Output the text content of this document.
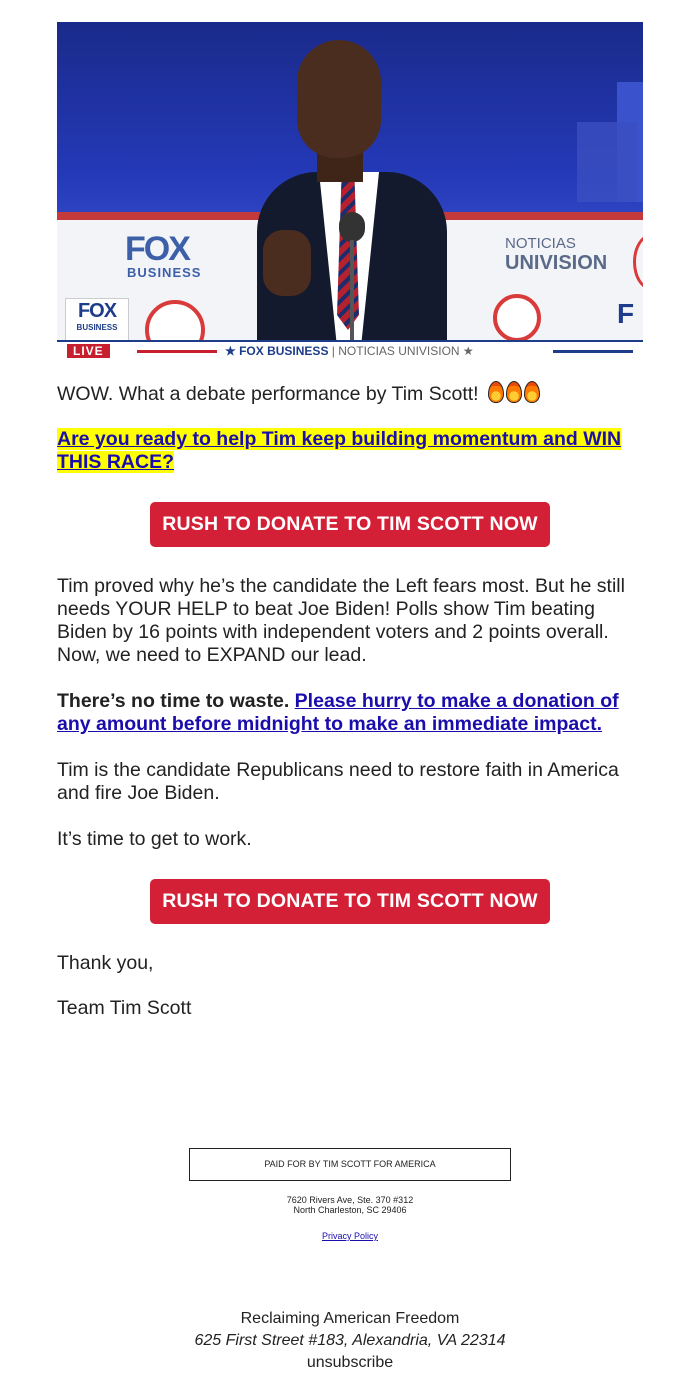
FOX
BUSINESS
NOTICIAS
UNIVISION
F
FOX
BUSINESS
LIVE	★ FOX BUSINESS | NOTICIAS UNIVISION ★
WOW. What a debate performance by Tim Scott!
Are you ready to help Tim keep building momentum and WIN THIS RACE?
RUSH TO DONATE TO TIM SCOTT NOW
Tim proved why he’s the candidate the Left fears most. But he still needs YOUR HELP to beat Joe Biden! Polls show Tim beating Biden by 16 points with independent voters and 2 points overall. Now, we need to EXPAND our lead.
There’s no time to waste. Please hurry to make a donation of any amount before midnight to make an immediate impact.
Tim is the candidate Republicans need to restore faith in America and fire Joe Biden.
It’s time to get to work.
RUSH TO DONATE TO TIM SCOTT NOW
Thank you,
Team Tim Scott
PAID FOR BY TIM SCOTT FOR AMERICA
7620 Rivers Ave, Ste. 370 #312
North Charleston, SC 29406
Privacy Policy
Reclaiming American Freedom
625 First Street #183, Alexandria, VA 22314
unsubscribe
